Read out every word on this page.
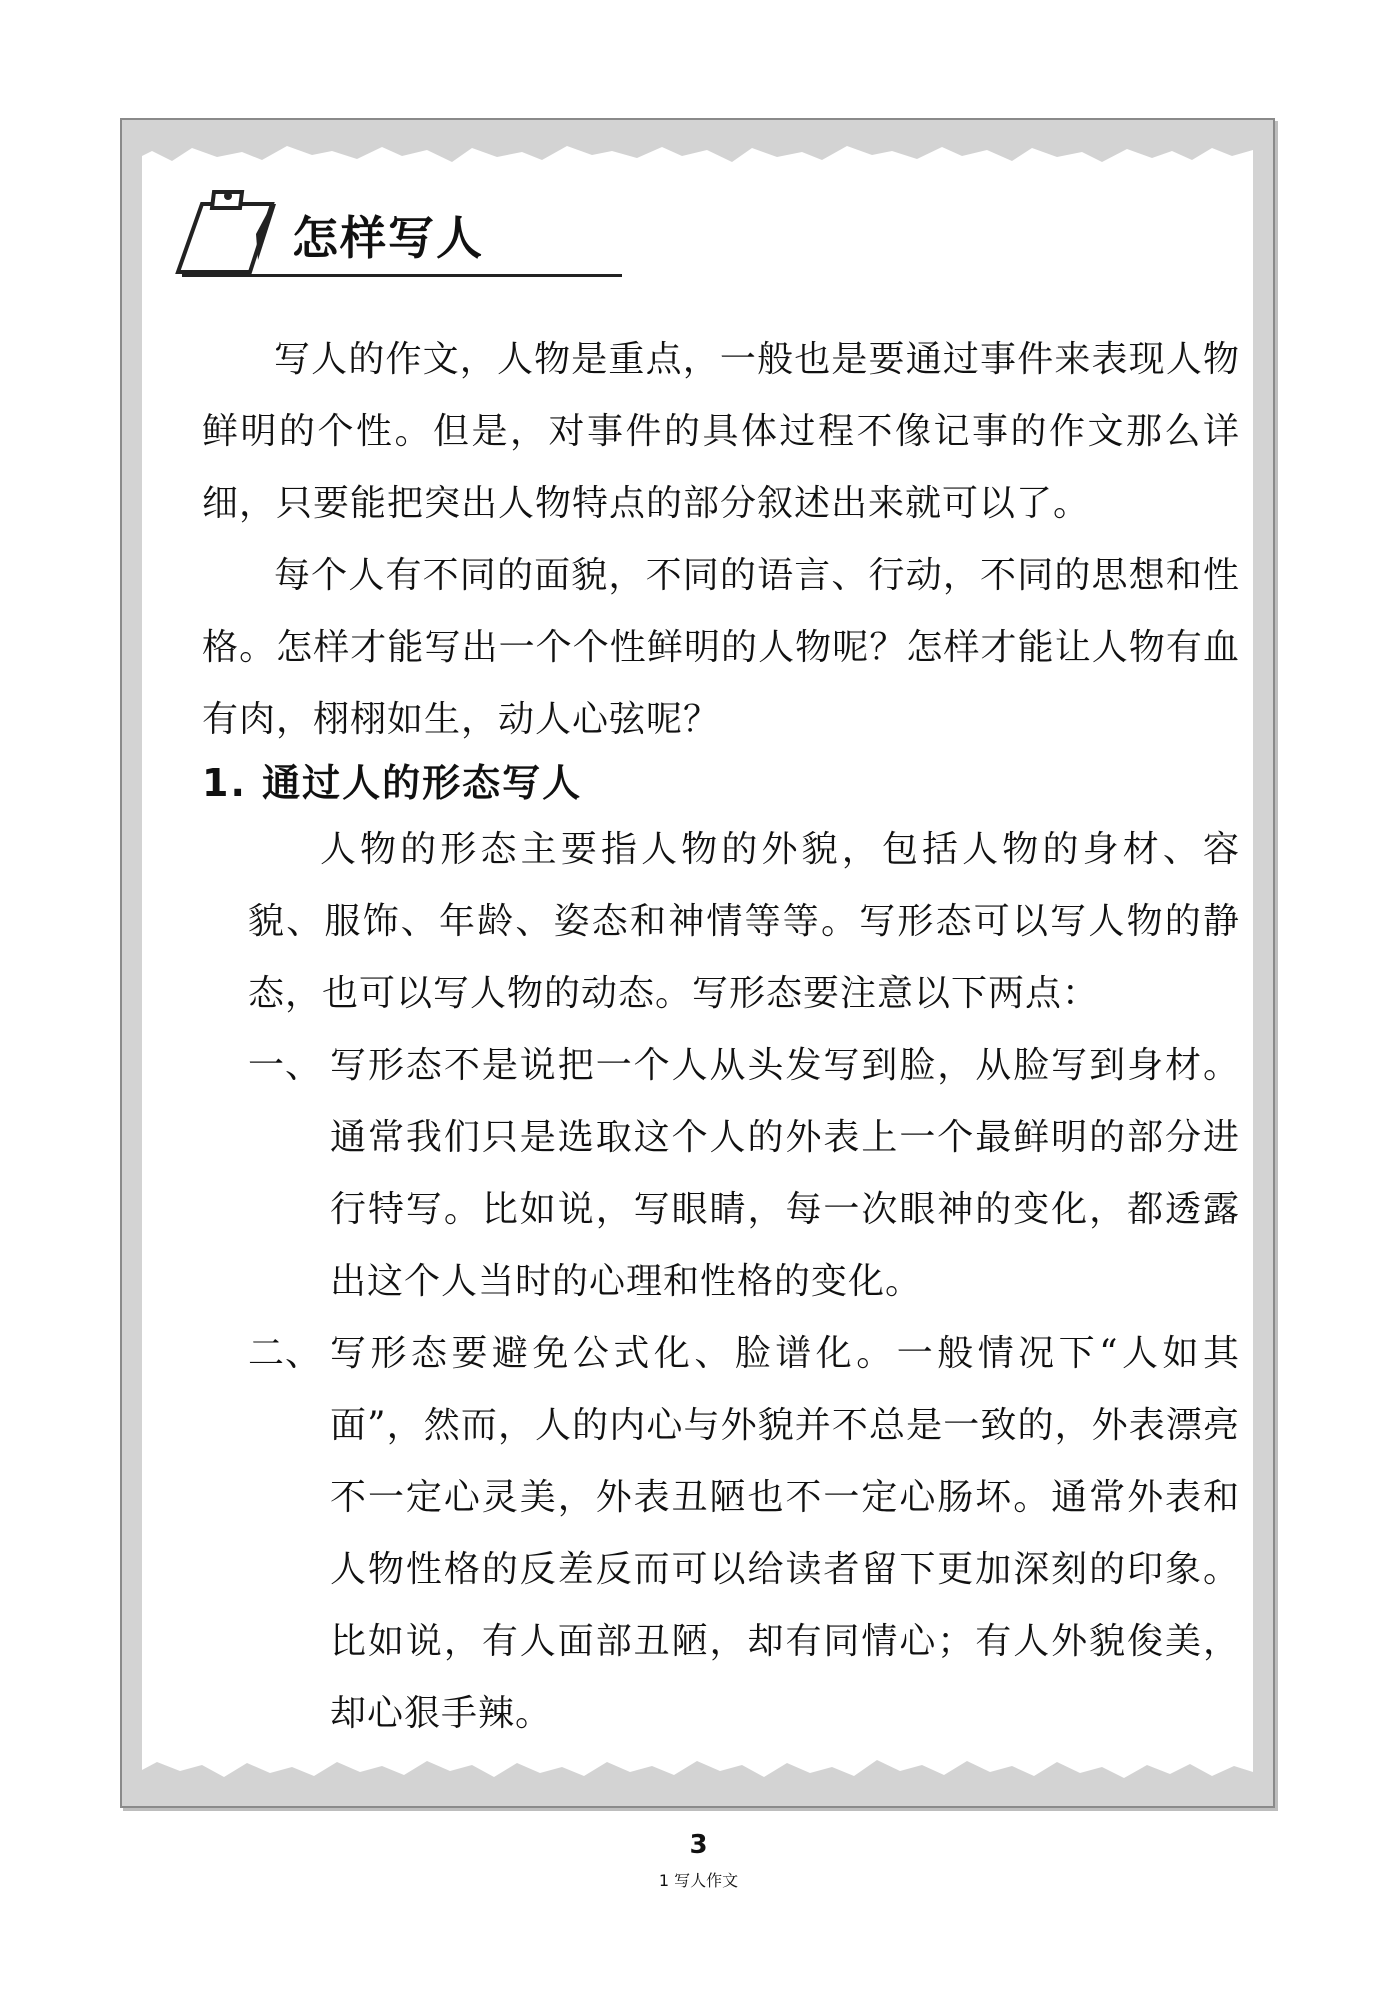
怎样写人

写人的作文，人物是重点，一般也是要通过事件来表现人物鲜明的个性。但是，对事件的具体过程不像记事的作文那么详细，只要能把突出人物特点的部分叙述出来就可以了。

每个人有不同的面貌，不同的语言、行动，不同的思想和性格。怎样才能写出一个个性鲜明的人物呢？怎样才能让人物有血有肉，栩栩如生，动人心弦呢？

1. 通过人的形态写人

人物的形态主要指人物的外貌，包括人物的身材、容貌、服饰、年龄、姿态和神情等等。写形态可以写人物的静态，也可以写人物的动态。写形态要注意以下两点：

一、 写形态不是说把一个人从头发写到脸，从脸写到身材。通常我们只是选取这个人的外表上一个最鲜明的部分进行特写。比如说，写眼睛，每一次眼神的变化，都透露出这个人当时的心理和性格的变化。
二、 写形态要避免公式化、脸谱化。一般情况下“人如其面”，然而，人的内心与外貌并不总是一致的，外表漂亮不一定心灵美，外表丑陋也不一定心肠坏。通常外表和人物性格的反差反而可以给读者留下更加深刻的印象。比如说，有人面部丑陋，却有同情心；有人外貌俊美，却心狠手辣。
3
1 写人作文
